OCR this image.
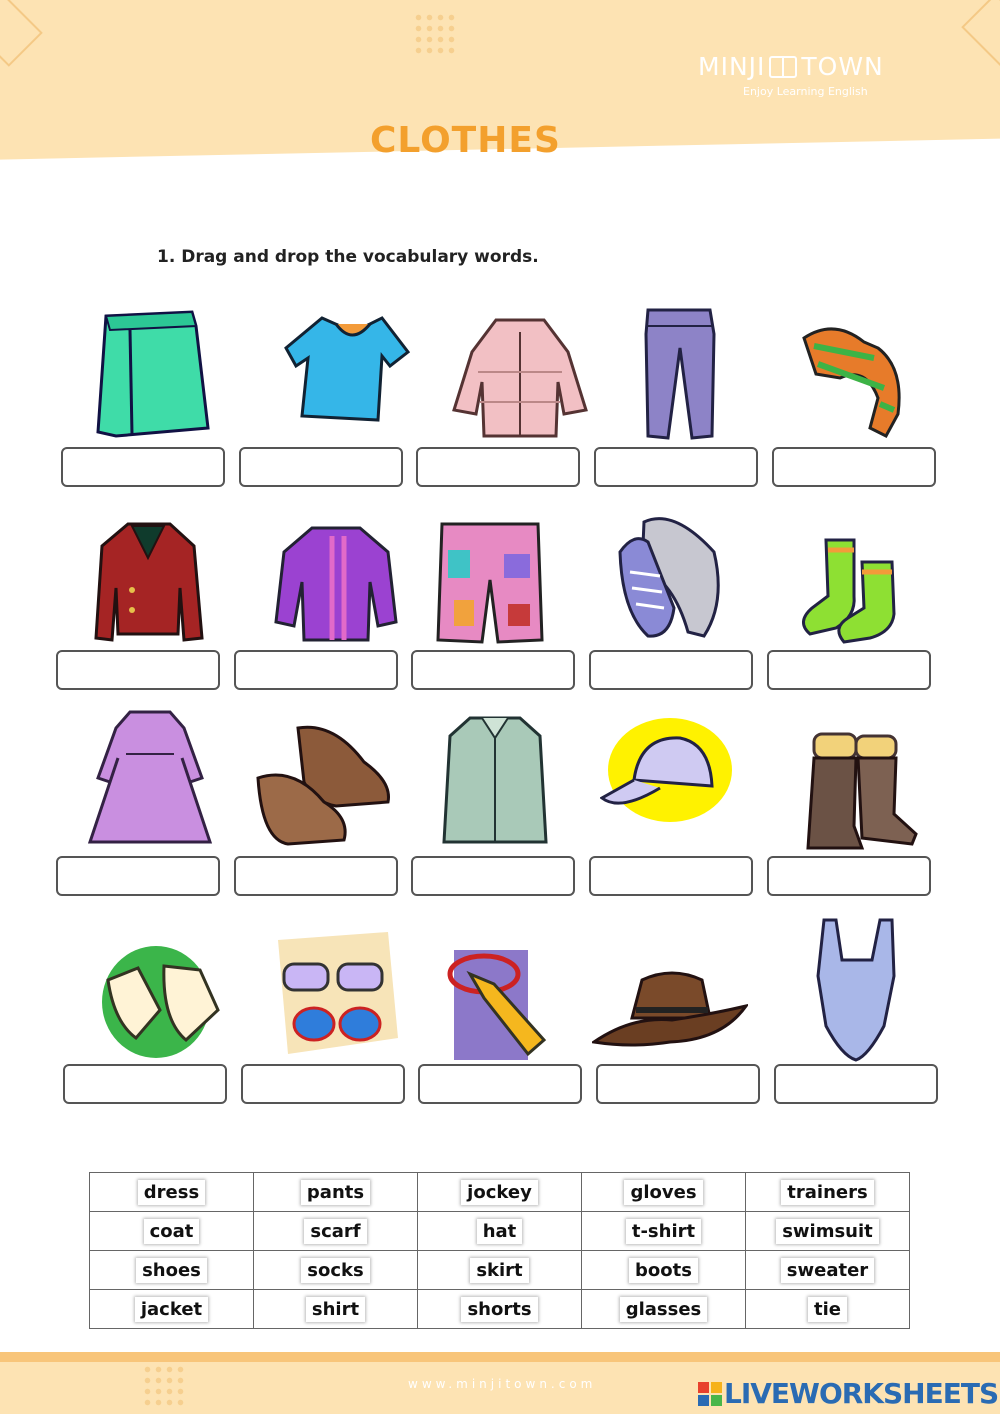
MINJI TOWN
Enjoy Learning English
CLOTHES
1. Drag and drop the vocabulary words.
dress	pants	jockey	gloves	trainers
coat	scarf	hat	t-shirt	swimsuit
shoes	socks	skirt	boots	sweater
jacket	shirt	shorts	glasses	tie
www.minjitown.com	LIVEWORKSHEETS
